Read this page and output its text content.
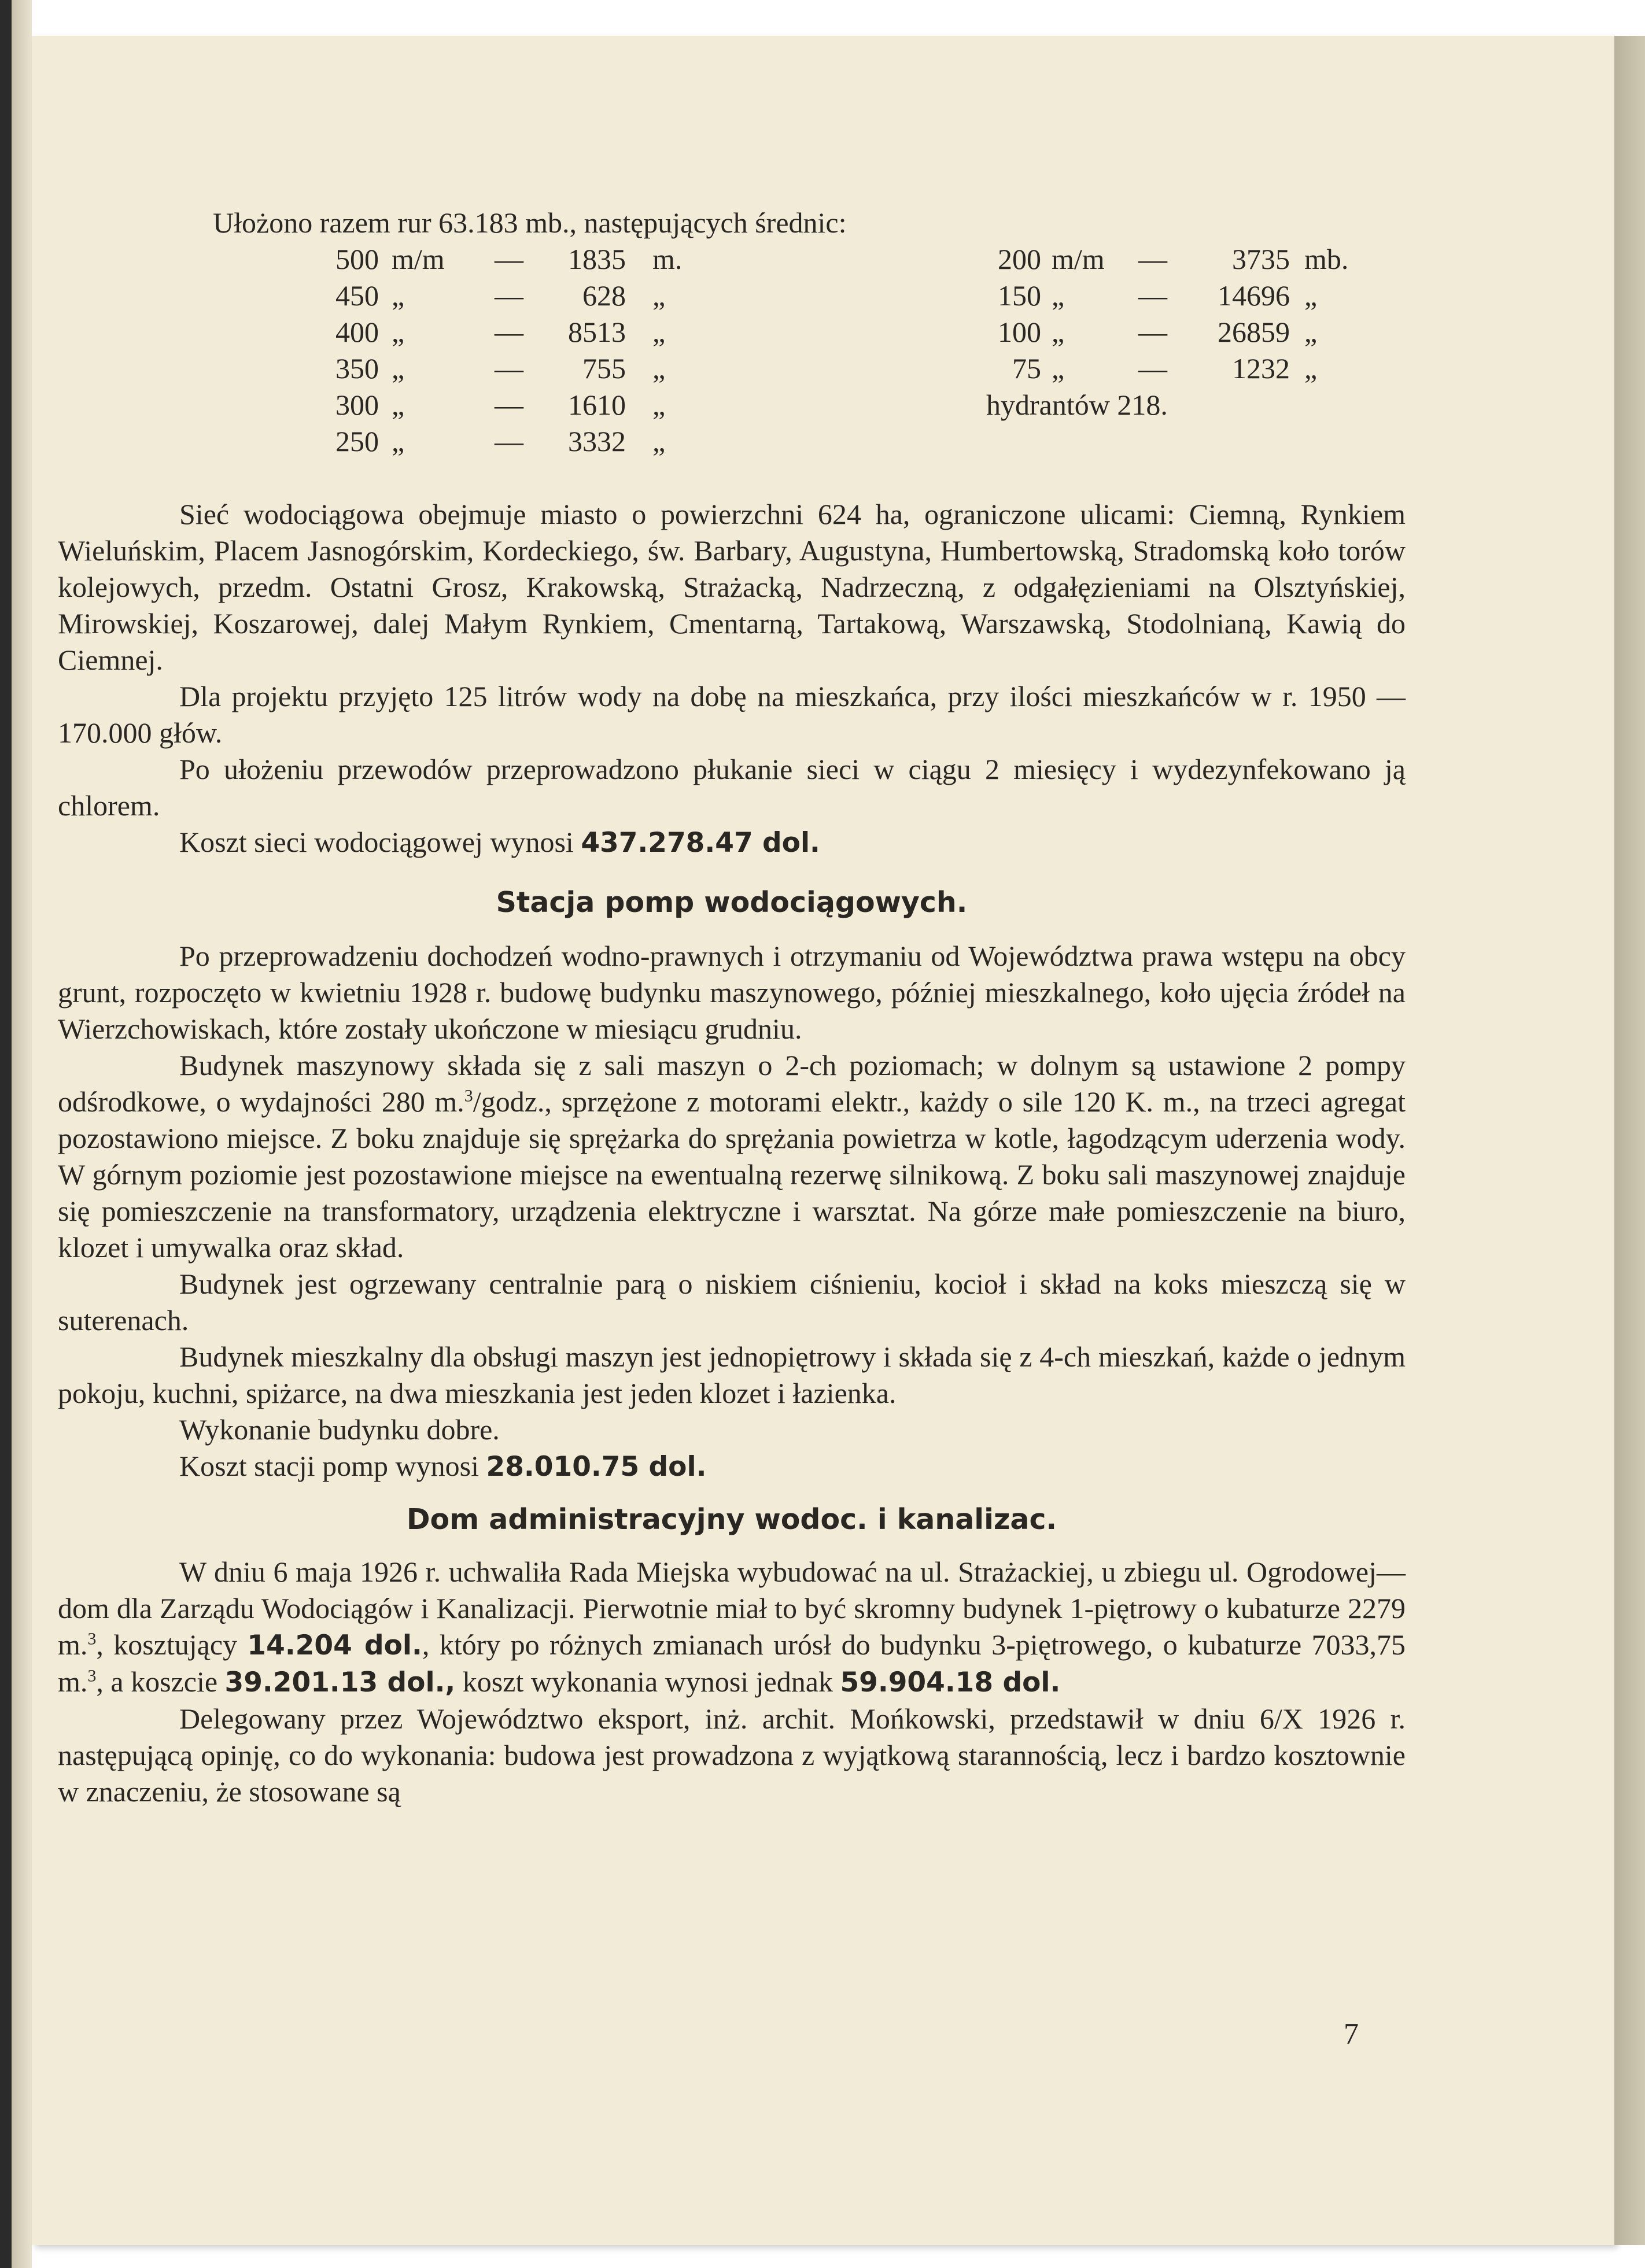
Ułożono razem rur 63.183 mb., następujących średnic:

500 m/m — 1835 m.	200 m/m — 3735 mb.
450 „	— 628 „	150 „	— 14696 „
400 „	— 8513 „	100 „	— 26859 „
350 „	— 755 „	75 „	— 1232 „
300 „	— 1610 „	hydrantów 218.
250 „	— 3332 „

Sieć wodociągowa obejmuje miasto o powierzchni 624 ha, ograniczone ulicami: Ciemną, Rynkiem Wieluńskim, Placem Jasnogórskim, Kordeckiego, św. Barbary, Augustyna, Humbertowską, Stradomską koło torów kolejowych, przedm. Ostatni Grosz, Krakowską, Strażacką, Nadrzeczną, z odgałęzieniami na Olsztyńskiej, Mirowskiej, Koszarowej, dalej Małym Rynkiem, Cmentarną, Tartakową, Warszawską, Stodolnianą, Kawią do Ciemnej.

Dla projektu przyjęto 125 litrów wody na dobę na mieszkańca, przy ilości mieszkańców w r. 1950 — 170.000 głów.

Po ułożeniu przewodów przeprowadzono płukanie sieci w ciągu 2 miesięcy i wydezynfekowano ją chlorem.

Koszt sieci wodociągowej wynosi 437.278.47 dol.

Stacja pomp wodociągowych.

Po przeprowadzeniu dochodzeń wodno-prawnych i otrzymaniu od Województwa prawa wstępu na obcy grunt, rozpoczęto w kwietniu 1928 r. budowę budynku maszynowego, później mieszkalnego, koło ujęcia źródeł na Wierzchowiskach, które zostały ukończone w miesiącu grudniu.

Budynek maszynowy składa się z sali maszyn o 2-ch poziomach; w dolnym są ustawione 2 pompy odśrodkowe, o wydajności 280 m.$^3$/godz., sprzężone z motorami elektr., każdy o sile 120 K. m., na trzeci agregat pozostawiono miejsce. Z boku znajduje się sprężarka do sprężania powietrza w kotle, łagodzącym uderzenia wody. W górnym poziomie jest pozostawione miejsce na ewentualną rezerwę silnikową. Z boku sali maszynowej znajduje się pomieszczenie na transformatory, urządzenia elektryczne i warsztat. Na górze małe pomieszczenie na biuro, klozet i umywalka oraz skład.

Budynek jest ogrzewany centralnie parą o niskiem ciśnieniu, kocioł i skład na koks mieszczą się w suterenach.

Budynek mieszkalny dla obsługi maszyn jest jednopiętrowy i składa się z 4-ch mieszkań, każde o jednym pokoju, kuchni, spiżarce, na dwa mieszkania jest jeden klozet i łazienka.

Wykonanie budynku dobre.

Koszt stacji pomp wynosi 28.010.75 dol.

Dom administracyjny wodoc. i kanalizac.

W dniu 6 maja 1926 r. uchwaliła Rada Miejska wybudować na ul. Strażackiej, u zbiegu ul. Ogrodowej—dom dla Zarządu Wodociągów i Kanalizacji. Pierwotnie miał to być skromny budynek 1-piętrowy o kubaturze 2279 m.$^3$, kosztujący 14.204 dol., który po różnych zmianach urósł do budynku 3-piętrowego, o kubaturze 7033,75 m.$^3$, a koszcie 39.201.13 dol., koszt wykonania wynosi jednak 59.904.18 dol.

Delegowany przez Województwo eksport, inż. archit. Mońkowski, przedstawił w dniu 6/X 1926 r. następującą opinję, co do wykonania: budowa jest prowadzona z wyjątkową starannością, lecz i bardzo kosztownie w znaczeniu, że stosowane są

7
